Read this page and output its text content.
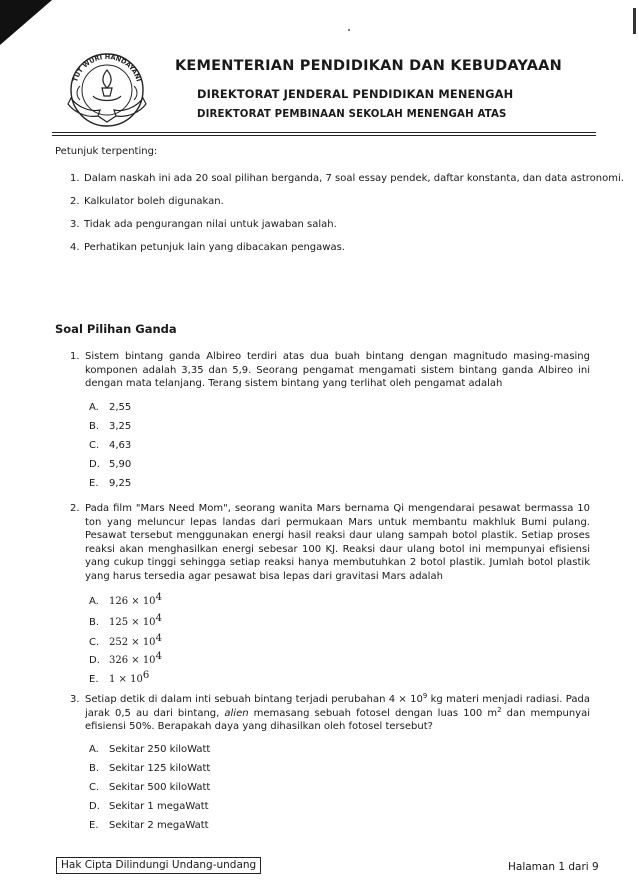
TUT WURI HANDAYANI
KEMENTERIAN PENDIDIKAN DAN KEBUDAYAAN
DIREKTORAT JENDERAL PENDIDIKAN MENENGAH
DIREKTORAT PEMBINAAN SEKOLAH MENENGAH ATAS
Petunjuk terpenting:
1. Dalam naskah ini ada 20 soal pilihan berganda, 7 soal essay pendek, daftar konstanta, dan data astronomi.
2. Kalkulator boleh digunakan.
3. Tidak ada pengurangan nilai untuk jawaban salah.
4. Perhatikan petunjuk lain yang dibacakan pengawas.
Soal Pilihan Ganda
1. Sistem bintang ganda Albireo terdiri atas dua buah bintang dengan magnitudo masing-masing komponen adalah 3,35 dan 5,9. Seorang pengamat mengamati sistem bintang ganda Albireo ini dengan mata telanjang. Terang sistem bintang yang terlihat oleh pengamat adalah
A. 2,55
B. 3,25
C. 4,63
D. 5,90
E. 9,25
2. Pada film "Mars Need Mom", seorang wanita Mars bernama Qi mengendarai pesawat bermassa 10 ton yang meluncur lepas landas dari permukaan Mars untuk membantu makhluk Bumi pulang. Pesawat tersebut menggunakan energi hasil reaksi daur ulang sampah botol plastik. Setiap proses reaksi akan menghasilkan energi sebesar 100 KJ. Reaksi daur ulang botol ini mempunyai efisiensi yang cukup tinggi sehingga setiap reaksi hanya membutuhkan 2 botol plastik. Jumlah botol plastik yang harus tersedia agar pesawat bisa lepas dari gravitasi Mars adalah
A. $126 \times 10^4$
B. $125 \times 10^4$
C. $252 \times 10^4$
D. $326 \times 10^4$
E. $1 \times 10^6$
3. Setiap detik di dalam inti sebuah bintang terjadi perubahan $4 \times 10^9$ kg materi menjadi radiasi. Pada jarak 0,5 au dari bintang, alien memasang sebuah fotosel dengan luas 100 $m^2$ dan mempunyai efisiensi 50%. Berapakah daya yang dihasilkan oleh fotosel tersebut?
A. Sekitar 250 kiloWatt
B. Sekitar 125 kiloWatt
C. Sekitar 500 kiloWatt
D. Sekitar 1 megaWatt
E. Sekitar 2 megaWatt
Hak Cipta Dilindungi Undang-undang	Halaman 1 dari 9
